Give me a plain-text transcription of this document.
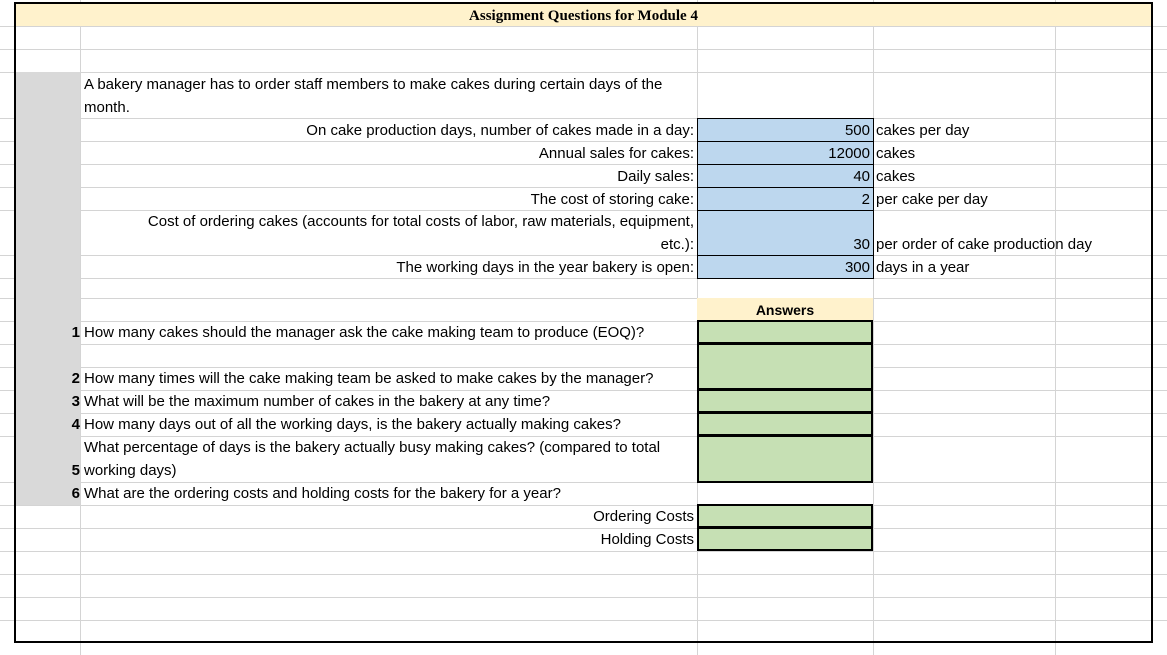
Assignment Questions for Module 4
A bakery manager has to order staff members to make cakes during certain days of the
month.
On cake production days, number of cakes made in a day:
Annual sales for cakes:
Daily sales:
The cost of storing cake:
Cost of ordering cakes (accounts for total costs of labor, raw materials, equipment,
etc.):
The working days in the year bakery is open:
500
12000
40
2
30
300
cakes per day
cakes
cakes
per cake per day
per order of cake production day
days in a year
Answers
1
2
3
4
5
6
How many cakes should the manager ask the cake making team to produce (EOQ)?
How many times will the cake making team be asked to make cakes by the manager?
What will be the maximum number of cakes in the bakery at any time?
How many days out of all the working days, is the bakery actually making cakes?
What percentage of days is the bakery actually busy making cakes? (compared to total
working days)
What are the ordering costs and holding costs for the bakery for a year?
Ordering Costs
Holding Costs
